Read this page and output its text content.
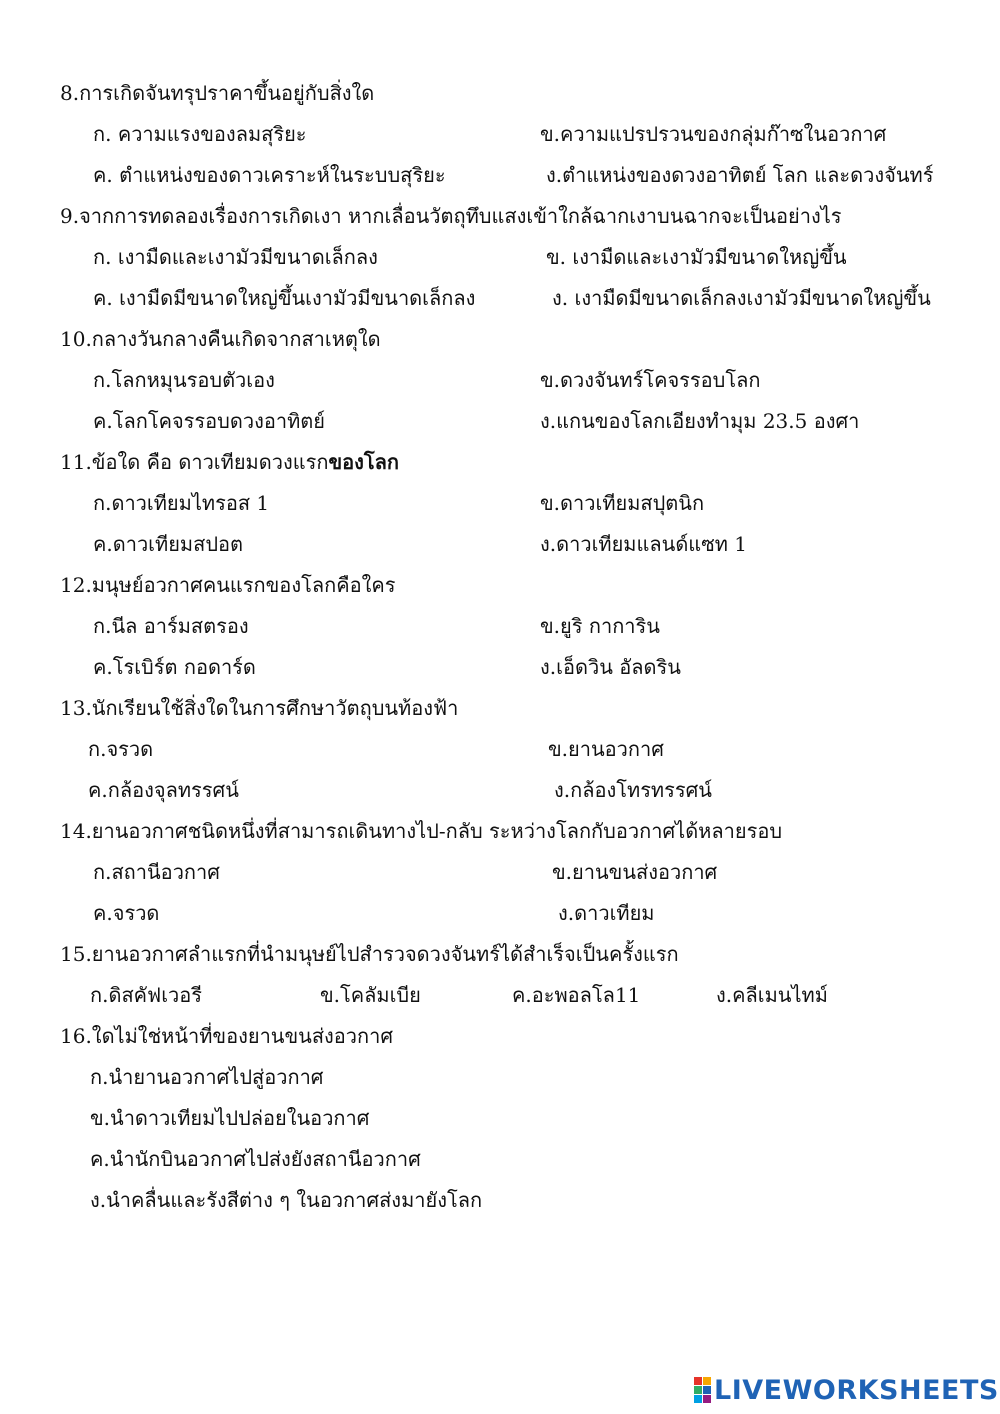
8.การเกิดจันทรุปราคาขึ้นอยู่กับสิ่งใด
ก. ความแรงของลมสุริยะ	ข.ความแปรปรวนของกลุ่มก๊าซในอวกาศ
ค. ตำแหน่งของดาวเคราะห์ในระบบสุริยะ	ง.ตำแหน่งของดวงอาทิตย์ โลก และดวงจันทร์
9.จากการทดลองเรื่องการเกิดเงา หากเลื่อนวัตถุทึบแสงเข้าใกล้ฉากเงาบนฉากจะเป็นอย่างไร
ก. เงามืดและเงามัวมีขนาดเล็กลง	ข. เงามืดและเงามัวมีขนาดใหญ่ขึ้น
ค. เงามืดมีขนาดใหญ่ขึ้นเงามัวมีขนาดเล็กลง	ง. เงามืดมีขนาดเล็กลงเงามัวมีขนาดใหญ่ขึ้น
10.กลางวันกลางคืนเกิดจากสาเหตุใด
ก.โลกหมุนรอบตัวเอง	ข.ดวงจันทร์โคจรรอบโลก
ค.โลกโคจรรอบดวงอาทิตย์	ง.แกนของโลกเอียงทำมุม 23.5 องศา
11.ข้อใด คือ ดาวเทียมดวงแรกของโลก
ก.ดาวเทียมไทรอส 1	ข.ดาวเทียมสปุตนิก
ค.ดาวเทียมสปอต	ง.ดาวเทียมแลนด์แซท 1
12.มนุษย์อวกาศคนแรกของโลกคือใคร
ก.นีล อาร์มสตรอง	ข.ยูริ กาการิน
ค.โรเบิร์ต กอดาร์ด	ง.เอ็ดวิน อัลดริน
13.นักเรียนใช้สิ่งใดในการศึกษาวัตถุบนท้องฟ้า
ก.จรวด	ข.ยานอวกาศ
ค.กล้องจุลทรรศน์	ง.กล้องโทรทรรศน์
14.ยานอวกาศชนิดหนึ่งที่สามารถเดินทางไป-กลับ ระหว่างโลกกับอวกาศได้หลายรอบ
ก.สถานีอวกาศ	ข.ยานขนส่งอวกาศ
ค.จรวด	ง.ดาวเทียม
15.ยานอวกาศลำแรกที่นำมนุษย์ไปสำรวจดวงจันทร์ได้สำเร็จเป็นครั้งแรก
ก.ดิสคัฟเวอรี	ข.โคลัมเบีย	ค.อะพอลโล11	ง.คลีเมนไทม์
16.ใดไม่ใช่หน้าที่ของยานขนส่งอวกาศ
ก.นำยานอวกาศไปสู่อวกาศ
ข.นำดาวเทียมไปปล่อยในอวกาศ
ค.นำนักบินอวกาศไปส่งยังสถานีอวกาศ
ง.นำคลื่นและรังสีต่าง ๆ ในอวกาศส่งมายังโลก
LIVEWORKSHEETS
